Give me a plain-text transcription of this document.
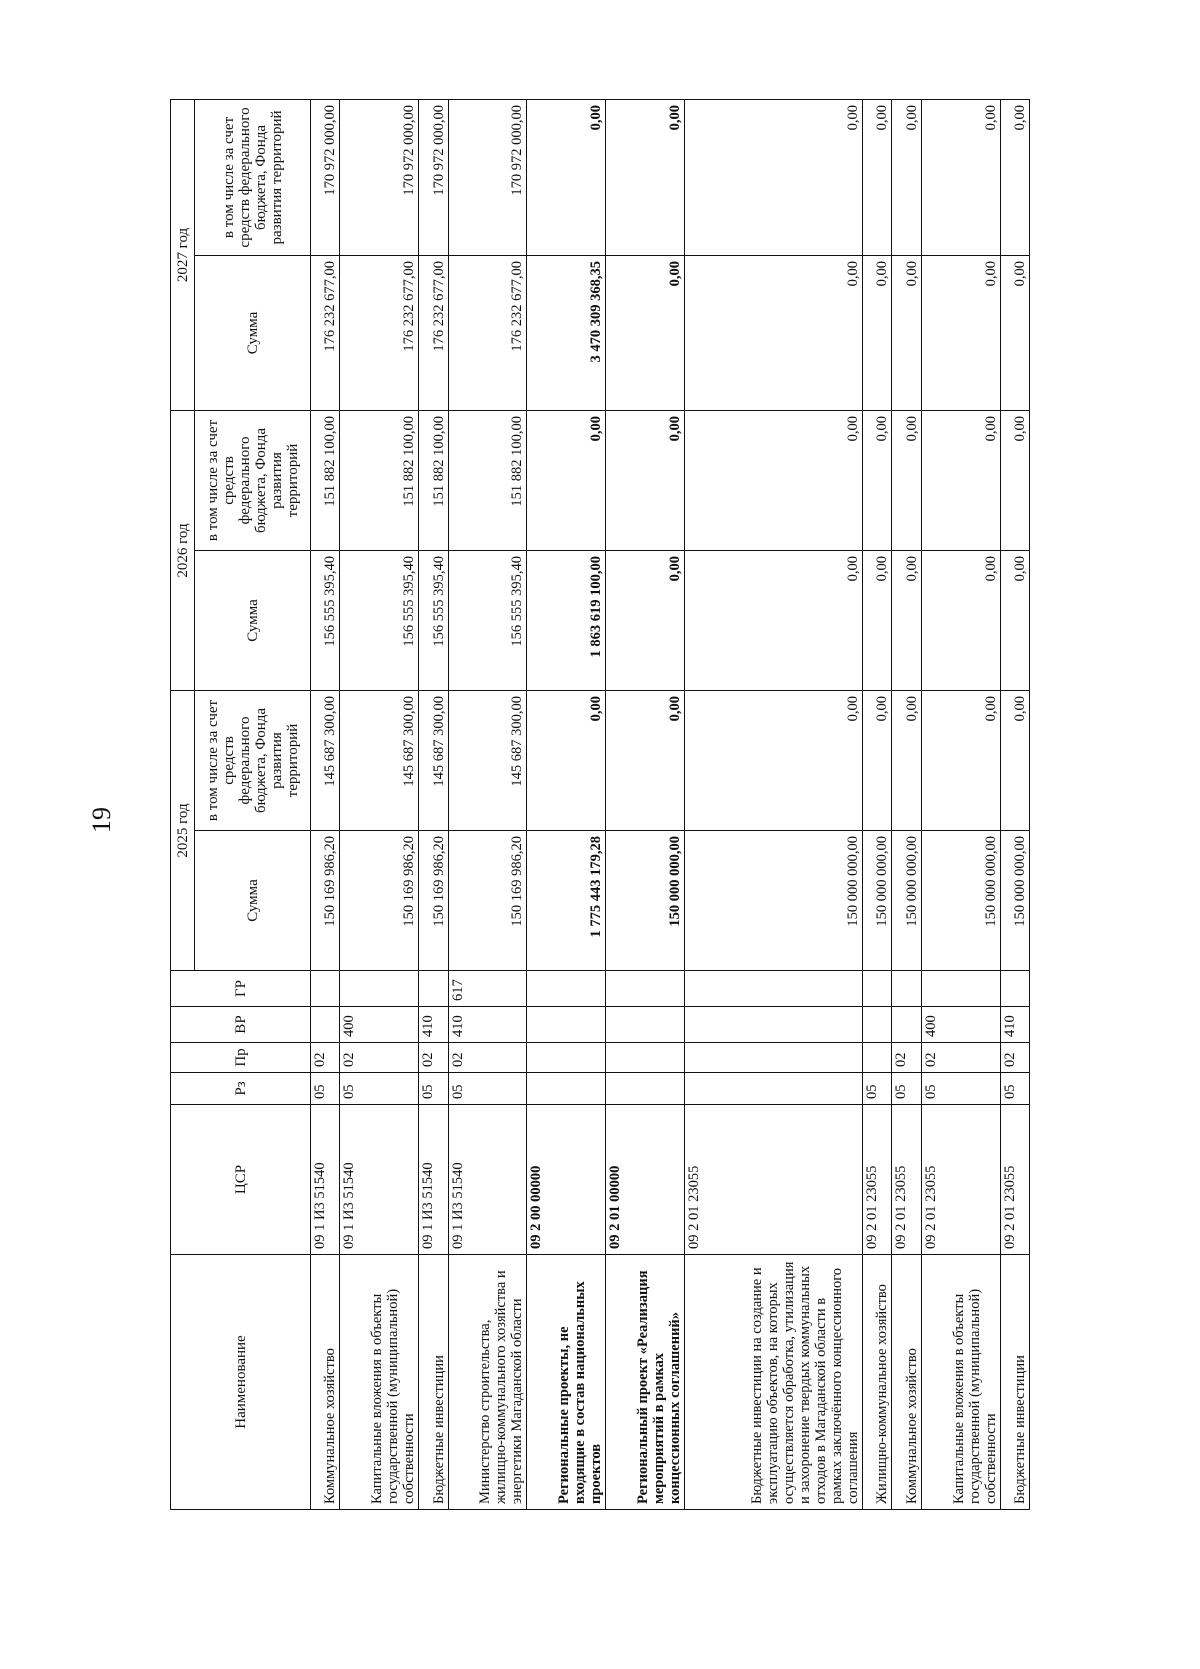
19
Наименование	ЦСР	Рз	Пр	ВР	ГР	2025 год		2026 год		2027 год	
						Сумма	в том числе за счет средств федерального бюджета, Фонда развития территорий	Сумма	в том числе за счет средств федерального бюджета, Фонда развития территорий	Сумма	в том числе за счет средств федерального бюджета, Фонда развития территорий
Коммунальное хозяйство	09 1 И3 51540	05	02			150 169 986,20	145 687 300,00	156 555 395,40	151 882 100,00	176 232 677,00	170 972 000,00
Капитальные вложения в объекты государственной (муниципальной) собственности	09 1 И3 51540	05	02	400		150 169 986,20	145 687 300,00	156 555 395,40	151 882 100,00	176 232 677,00	170 972 000,00
Бюджетные инвестиции	09 1 И3 51540	05	02	410		150 169 986,20	145 687 300,00	156 555 395,40	151 882 100,00	176 232 677,00	170 972 000,00
Министерство строительства, жилищно-коммунального хозяйства и энергетики Магаданской области	09 1 И3 51540	05	02	410	617	150 169 986,20	145 687 300,00	156 555 395,40	151 882 100,00	176 232 677,00	170 972 000,00
Региональные проекты, не входящие в состав национальных проектов	09 2 00 00000					1 775 443 179,28	0,00	1 863 619 100,00	0,00	3 470 309 368,35	0,00
Региональный проект «Реализация мероприятий в рамках концессионных соглашений»	09 2 01 00000					150 000 000,00	0,00	0,00	0,00	0,00	0,00
Бюджетные инвестиции на создание и эксплуатацию объектов, на которых осуществляется обработка, утилизация и захоронение твердых коммунальных отходов в Магаданской области в рамках заключённого концессионного соглашения	09 2 01 23055					150 000 000,00	0,00	0,00	0,00	0,00	0,00
Жилищно-коммунальное хозяйство	09 2 01 23055	05				150 000 000,00	0,00	0,00	0,00	0,00	0,00
Коммунальное хозяйство	09 2 01 23055	05	02			150 000 000,00	0,00	0,00	0,00	0,00	0,00
Капитальные вложения в объекты государственной (муниципальной) собственности	09 2 01 23055	05	02	400		150 000 000,00	0,00	0,00	0,00	0,00	0,00
Бюджетные инвестиции	09 2 01 23055	05	02	410		150 000 000,00	0,00	0,00	0,00	0,00	0,00
